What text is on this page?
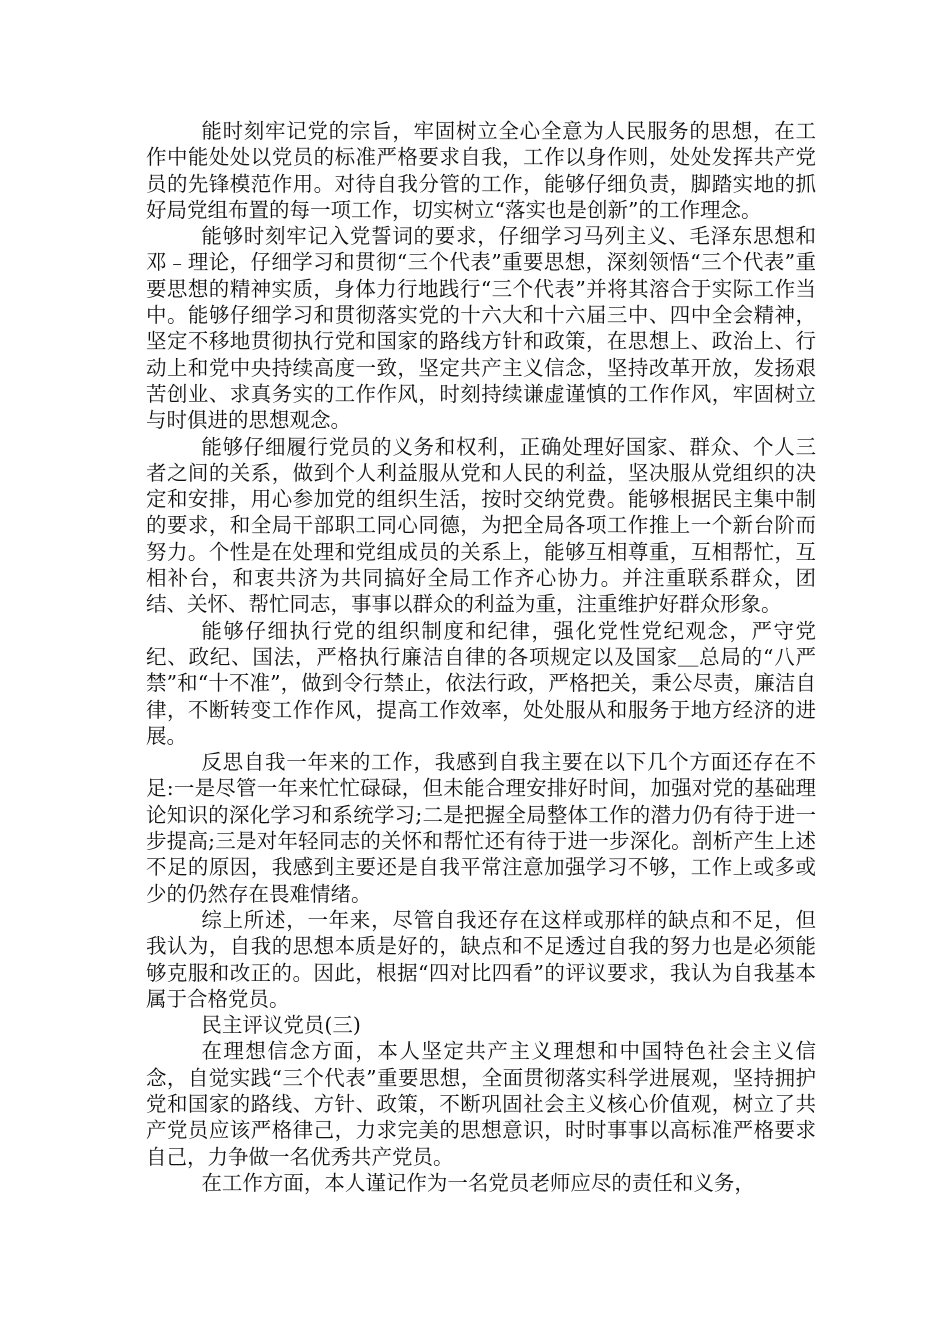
能时刻牢记党的宗旨，牢固树立全心全意为人民服务的思想，在工作中能处处以党员的标准严格要求自我，工作以身作则，处处发挥共产党员的先锋模范作用。对待自我分管的工作，能够仔细负责，脚踏实地的抓好局党组布置的每一项工作，切实树立“落实也是创新”的工作理念。

能够时刻牢记入党誓词的要求，仔细学习马列主义、毛泽东思想和邓﹣理论，仔细学习和贯彻“三个代表”重要思想，深刻领悟“三个代表”重要思想的精神实质，身体力行地践行“三个代表”并将其溶合于实际工作当中。能够仔细学习和贯彻落实党的十六大和十六届三中、四中全会精神，坚定不移地贯彻执行党和国家的路线方针和政策，在思想上、政治上、行动上和党中央持续高度一致，坚定共产主义信念，坚持改革开放，发扬艰苦创业、求真务实的工作作风，时刻持续谦虚谨慎的工作作风，牢固树立与时俱进的思想观念。

能够仔细履行党员的义务和权利，正确处理好国家、群众、个人三者之间的关系，做到个人利益服从党和人民的利益，坚决服从党组织的决定和安排，用心参加党的组织生活，按时交纳党费。能够根据民主集中制的要求，和全局干部职工同心同德，为把全局各项工作推上一个新台阶而努力。个性是在处理和党组成员的关系上，能够互相尊重，互相帮忙，互相补台，和衷共济为共同搞好全局工作齐心协力。并注重联系群众，团结、关怀、帮忙同志，事事以群众的利益为重，注重维护好群众形象。

能够仔细执行党的组织制度和纪律，强化党性党纪观念，严守党纪、政纪、国法，严格执行廉洁自律的各项规定以及国家＿总局的“八严禁”和“十不准”，做到令行禁止，依法行政，严格把关，秉公尽责，廉洁自律，不断转变工作作风，提高工作效率，处处服从和服务于地方经济的进展。

反思自我一年来的工作，我感到自我主要在以下几个方面还存在不足:一是尽管一年来忙忙碌碌，但未能合理安排好时间，加强对党的基础理论知识的深化学习和系统学习;二是把握全局整体工作的潜力仍有待于进一步提高;三是对年轻同志的关怀和帮忙还有待于进一步深化。剖析产生上述不足的原因，我感到主要还是自我平常注意加强学习不够，工作上或多或少的仍然存在畏难情绪。

综上所述，一年来，尽管自我还存在这样或那样的缺点和不足，但我认为，自我的思想本质是好的，缺点和不足透过自我的努力也是必须能够克服和改正的。因此，根据“四对比四看”的评议要求，我认为自我基本属于合格党员。

民主评议党员(三)

在理想信念方面，本人坚定共产主义理想和中国特色社会主义信念，自觉实践“三个代表”重要思想，全面贯彻落实科学进展观，坚持拥护党和国家的路线、方针、政策，不断巩固社会主义核心价值观，树立了共产党员应该严格律己，力求完美的思想意识，时时事事以高标准严格要求自己，力争做一名优秀共产党员。

在工作方面，本人谨记作为一名党员老师应尽的责任和义务，
